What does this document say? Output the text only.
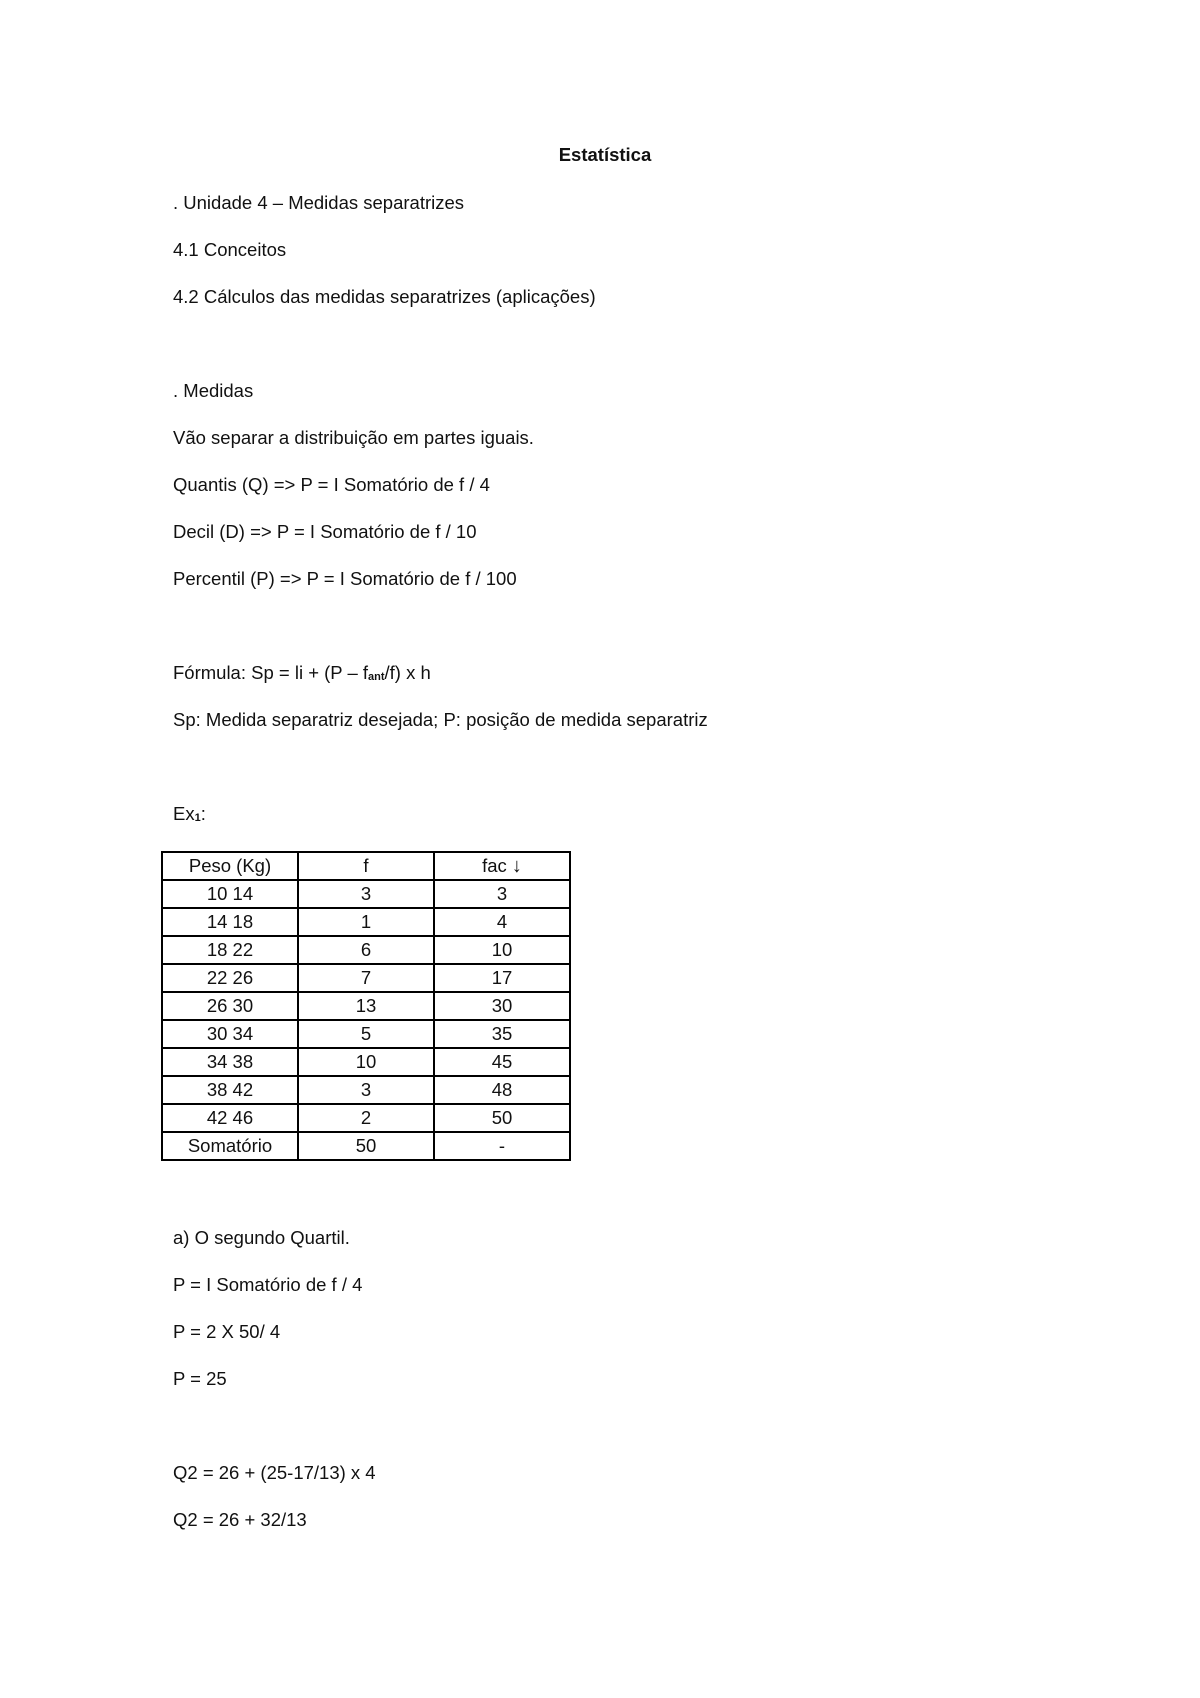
Estatística
. Unidade 4 – Medidas separatrizes
4.1 Conceitos
4.2 Cálculos das medidas separatrizes (aplicações)
. Medidas
Vão separar a distribuição em partes iguais.
Quantis (Q) => P = I Somatório de f / 4
Decil (D) => P = I Somatório de f / 10
Percentil (P) => P = I Somatório de f / 100
Fórmula: Sp = li + $(P - f_{ant}/f)$ x h
Sp: Medida separatriz desejada; P: posição de medida separatriz
$Ex_1$:
Peso (Kg)	f	fac ↓
10 14	3	3
14 18	1	4
18 22	6	10
22 26	7	17
26 30	13	30
30 34	5	35
34 38	10	45
38 42	3	48
42 46	2	50
Somatório	50	-
a) O segundo Quartil.
P = I Somatório de f / 4
P = 2 X 50/ 4
P = 25
Q2 = 26 + (25-17/13) x 4
Q2 = 26 + 32/13
